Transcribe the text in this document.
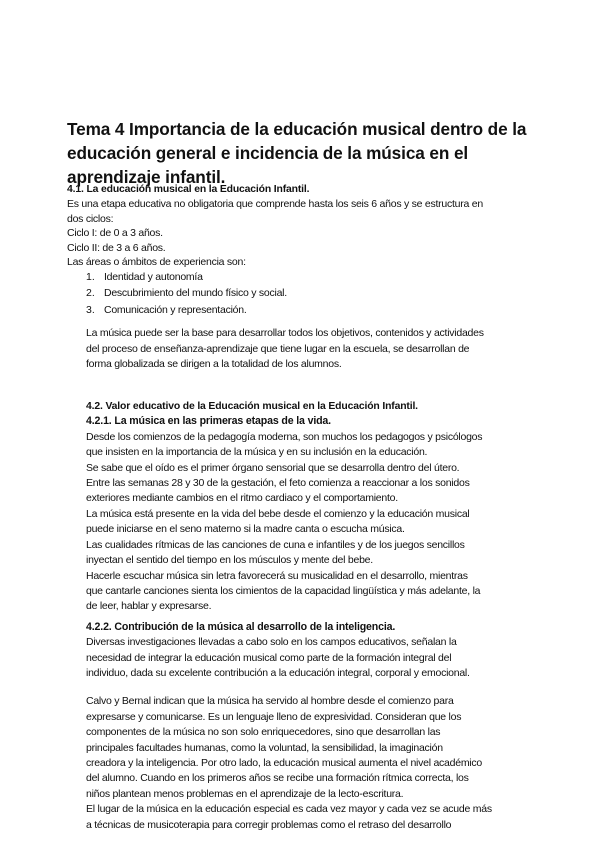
Tema 4 Importancia de la educación musical dentro de la
educación general e incidencia de la música en el
aprendizaje infantil.
4.1. La educación musical en la Educación Infantil.
Es una etapa educativa no obligatoria que comprende hasta los seis 6 años y se estructura en
dos ciclos:
Ciclo I: de 0 a 3 años.
Ciclo II: de 3 a 6 años.
Las áreas o ámbitos de experiencia son:
1. Identidad y autonomía
2. Descubrimiento del mundo físico y social.
3. Comunicación y representación.
La música puede ser la base para desarrollar todos los objetivos, contenidos y actividades
del proceso de enseñanza-aprendizaje que tiene lugar en la escuela, se desarrollan de
forma globalizada se dirigen a la totalidad de los alumnos.
4.2. Valor educativo de la Educación musical en la Educación Infantil.
4.2.1. La música en las primeras etapas de la vida.
Desde los comienzos de la pedagogía moderna, son muchos los pedagogos y psicólogos
que insisten en la importancia de la música y en su inclusión en la educación.
Se sabe que el oído es el primer órgano sensorial que se desarrolla dentro del útero.
Entre las semanas 28 y 30 de la gestación, el feto comienza a reaccionar a los sonidos
exteriores mediante cambios en el ritmo cardiaco y el comportamiento.
La música está presente en la vida del bebe desde el comienzo y la educación musical
puede iniciarse en el seno materno si la madre canta o escucha música.
Las cualidades rítmicas de las canciones de cuna e infantiles y de los juegos sencillos
inyectan el sentido del tiempo en los músculos y mente del bebe.
Hacerle escuchar música sin letra favorecerá su musicalidad en el desarrollo, mientras
que cantarle canciones sienta los cimientos de la capacidad lingüística y más adelante, la
de leer, hablar y expresarse.
4.2.2. Contribución de la música al desarrollo de la inteligencia.
Diversas investigaciones llevadas a cabo solo en los campos educativos, señalan la
necesidad de integrar la educación musical como parte de la formación integral del
individuo, dada su excelente contribución a la educación integral, corporal y emocional.
Calvo y Bernal indican que la música ha servido al hombre desde el comienzo para
expresarse y comunicarse. Es un lenguaje lleno de expresividad. Consideran que los
componentes de la música no son solo enriquecedores, sino que desarrollan las
principales facultades humanas, como la voluntad, la sensibilidad, la imaginación
creadora y la inteligencia. Por otro lado, la educación musical aumenta el nivel académico
del alumno. Cuando en los primeros años se recibe una formación rítmica correcta, los
niños plantean menos problemas en el aprendizaje de la lecto-escritura.
El lugar de la música en la educación especial es cada vez mayor y cada vez se acude más
a técnicas de musicoterapia para corregir problemas como el retraso del desarrollo
